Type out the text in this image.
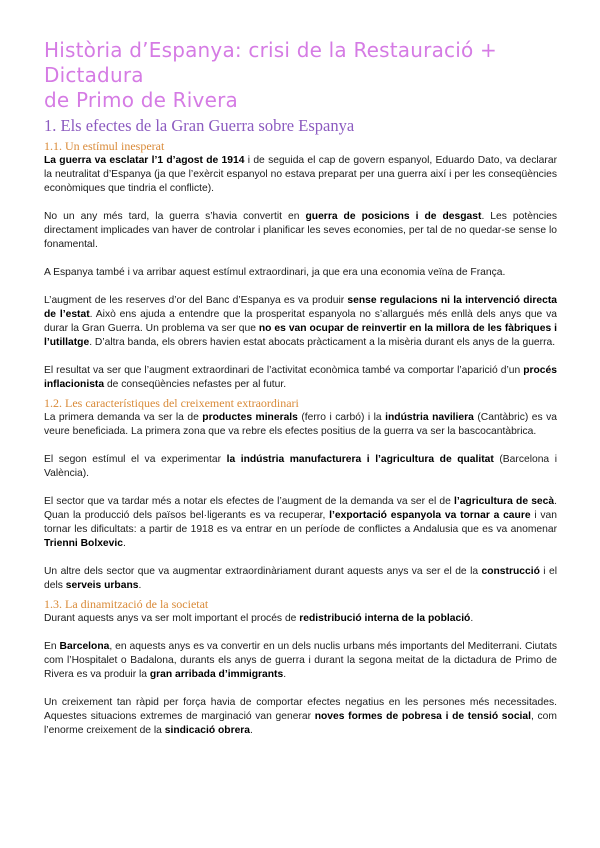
Història d’Espanya: crisi de la Restauració + Dictadura
de Primo de Rivera
1. Els efectes de la Gran Guerra sobre Espanya
1.1. Un estímul inesperat

La guerra va esclatar l’1 d’agost de 1914 i de seguida el cap de govern espanyol, Eduardo Dato, va declarar la neutralitat d’Espanya (ja que l’exèrcit espanyol no estava preparat per una guerra així i per les conseqüències econòmiques que tindria el conflicte).

No un any més tard, la guerra s’havia convertit en guerra de posicions i de desgast. Les potències directament implicades van haver de controlar i planificar les seves economies, per tal de no quedar-se sense lo fonamental.

A Espanya també i va arribar aquest estímul extraordinari, ja que era una economia veïna de França.

L’augment de les reserves d’or del Banc d’Espanya es va produir sense regulacions ni la intervenció directa de l’estat. Això ens ajuda a entendre que la prosperitat espanyola no s’allargués més enllà dels anys que va durar la Gran Guerra. Un problema va ser que no es van ocupar de reinvertir en la millora de les fàbriques i l’utillatge. D’altra banda, els obrers havien estat abocats pràcticament a la misèria durant els anys de la guerra.

El resultat va ser que l’augment extraordinari de l’activitat econòmica també va comportar l’aparició d’un procés inflacionista de conseqüències nefastes per al futur.

1.2. Les característiques del creixement extraordinari

La primera demanda va ser la de productes minerals (ferro i carbó) i la indústria naviliera (Cantàbric) es va veure beneficiada. La primera zona que va rebre els efectes positius de la guerra va ser la bascocantàbrica.

El segon estímul el va experimentar la indústria manufacturera i l’agricultura de qualitat (Barcelona i València).

El sector que va tardar més a notar els efectes de l’augment de la demanda va ser el de l’agricultura de secà. Quan la producció dels països bel·ligerants es va recuperar, l’exportació espanyola va tornar a caure i van tornar les dificultats: a partir de 1918 es va entrar en un període de conflictes a Andalusia que es va anomenar Trienni Bolxevic.

Un altre dels sector que va augmentar extraordinàriament durant aquests anys va ser el de la construcció i el dels serveis urbans.

1.3. La dinamització de la societat

Durant aquests anys va ser molt important el procés de redistribució interna de la població.

En Barcelona, en aquests anys es va convertir en un dels nuclis urbans més importants del Mediterrani. Ciutats com l’Hospitalet o Badalona, durants els anys de guerra i durant la segona meitat de la dictadura de Primo de Rivera es va produir la gran arribada d’immigrants.

Un creixement tan ràpid per força havia de comportar efectes negatius en les persones més necessitades. Aquestes situacions extremes de marginació van generar noves formes de pobresa i de tensió social, com l’enorme creixement de la sindicació obrera.
